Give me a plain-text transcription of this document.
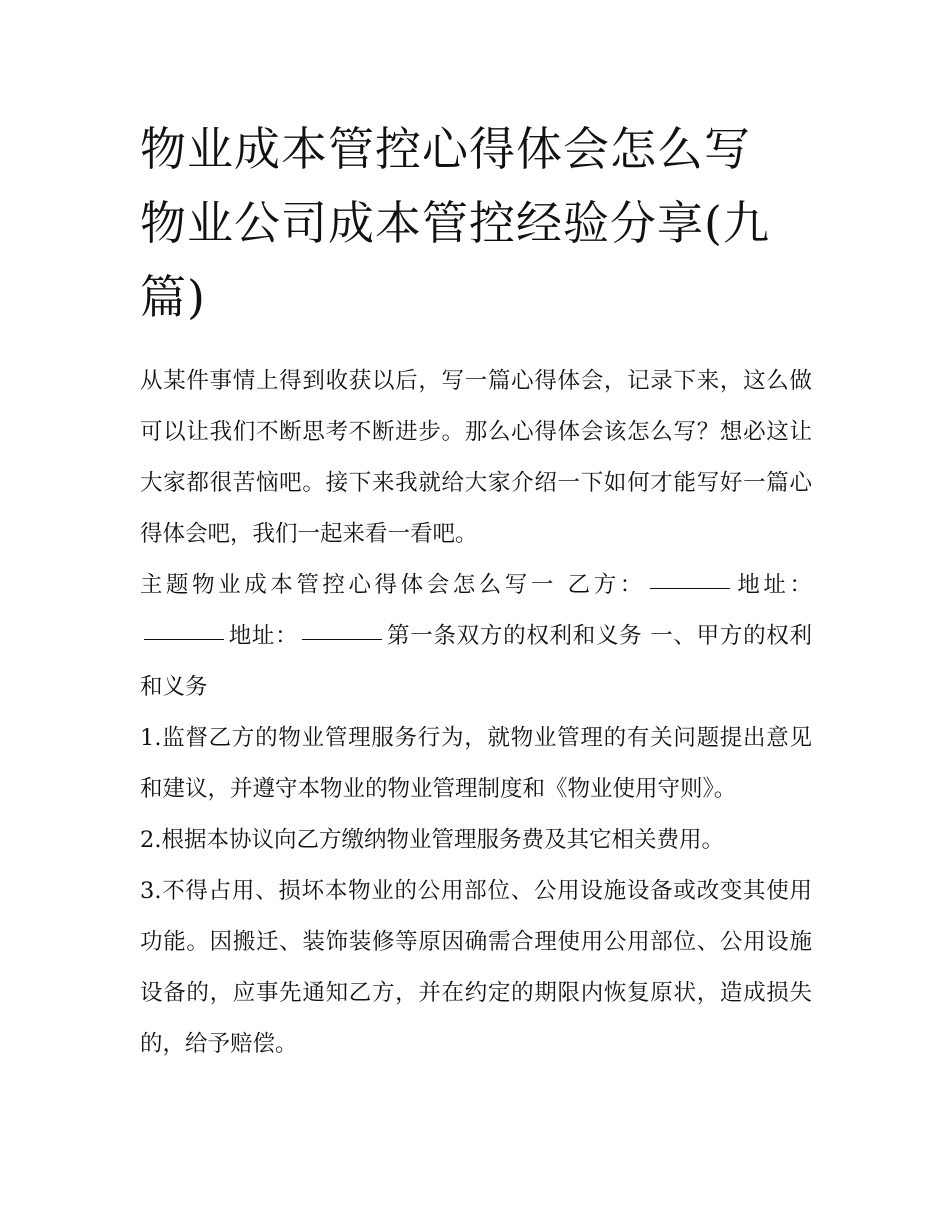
物业成本管控心得体会怎么写 物业公司成本管控经验分享(九篇)

从某件事情上得到收获以后，写一篇心得体会，记录下来，这么做可以让我们不断思考不断进步。那么心得体会该怎么写？想必这让大家都很苦恼吧。接下来我就给大家介绍一下如何才能写好一篇心得体会吧，我们一起来看一看吧。

主题物业成本管控心得体会怎么写一 乙方：	地址：地址：	第一条双方的权利和义务 一、甲方的权利和义务

1.监督乙方的物业管理服务行为，就物业管理的有关问题提出意见和建议，并遵守本物业的物业管理制度和《物业使用守则》。

2.根据本协议向乙方缴纳物业管理服务费及其它相关费用。

3.不得占用、损坏本物业的公用部位、公用设施设备或改变其使用功能。因搬迁、装饰装修等原因确需合理使用公用部位、公用设施设备的，应事先通知乙方，并在约定的期限内恢复原状，造成损失的，给予赔偿。
